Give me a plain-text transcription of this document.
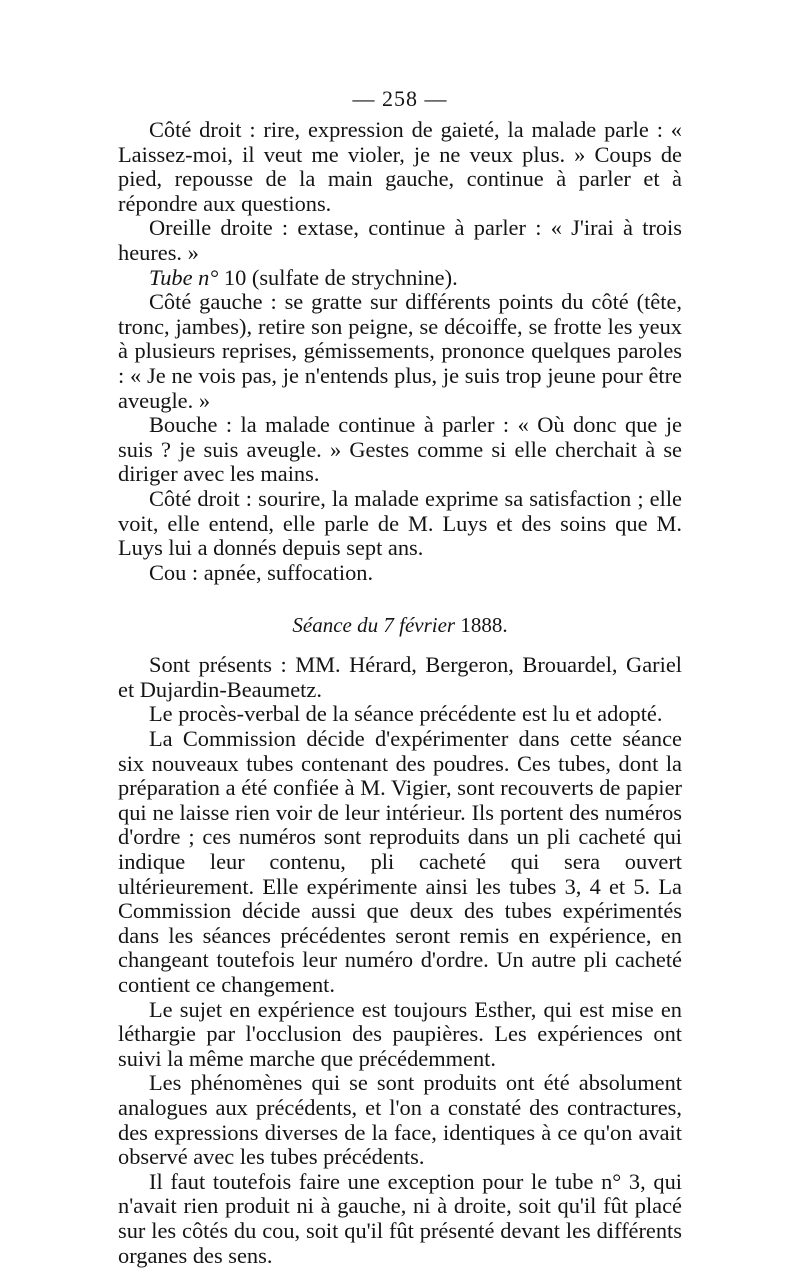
— 258 —

Côté droit : rire, expression de gaieté, la malade parle : « Laissez-moi, il veut me violer, je ne veux plus. » Coups de pied, repousse de la main gauche, continue à parler et à répondre aux questions.

Oreille droite : extase, continue à parler : « J'irai à trois heures. »

Tube n° 10 (sulfate de strychnine).

Côté gauche : se gratte sur différents points du côté (tête, tronc, jambes), retire son peigne, se décoiffe, se frotte les yeux à plusieurs reprises, gémissements, prononce quelques paroles : « Je ne vois pas, je n'entends plus, je suis trop jeune pour être aveugle. »

Bouche : la malade continue à parler : « Où donc que je suis ? je suis aveugle. » Gestes comme si elle cherchait à se diriger avec les mains.

Côté droit : sourire, la malade exprime sa satisfaction ; elle voit, elle entend, elle parle de M. Luys et des soins que M. Luys lui a donnés depuis sept ans.

Cou : apnée, suffocation.

Séance du 7 février 1888.

Sont présents : MM. Hérard, Bergeron, Brouardel, Gariel et Dujardin-Beaumetz.

Le procès-verbal de la séance précédente est lu et adopté.

La Commission décide d'expérimenter dans cette séance six nouveaux tubes contenant des poudres. Ces tubes, dont la préparation a été confiée à M. Vigier, sont recouverts de papier qui ne laisse rien voir de leur intérieur. Ils portent des numéros d'ordre ; ces numéros sont reproduits dans un pli cacheté qui indique leur contenu, pli cacheté qui sera ouvert ultérieurement. Elle expérimente ainsi les tubes 3, 4 et 5. La Commission décide aussi que deux des tubes expérimentés dans les séances précédentes seront remis en expérience, en changeant toutefois leur numéro d'ordre. Un autre pli cacheté contient ce changement.

Le sujet en expérience est toujours Esther, qui est mise en léthargie par l'occlusion des paupières. Les expériences ont suivi la même marche que précédemment.

Les phénomènes qui se sont produits ont été absolument analogues aux précédents, et l'on a constaté des contractures, des expressions diverses de la face, identiques à ce qu'on avait observé avec les tubes précédents.

Il faut toutefois faire une exception pour le tube n° 3, qui n'avait rien produit ni à gauche, ni à droite, soit qu'il fût placé sur les côtés du cou, soit qu'il fût présenté devant les différents organes des sens.
